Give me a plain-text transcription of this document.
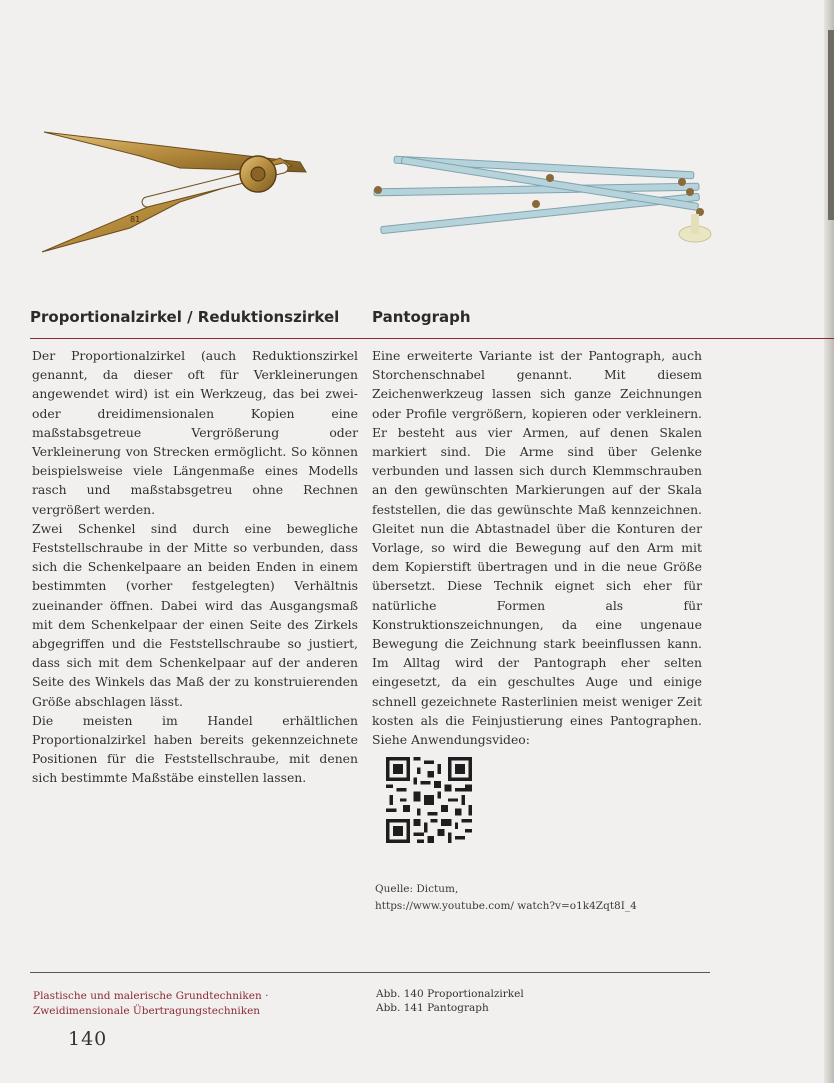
81
Proportionalzirkel / Reduktionszirkel Pantograph

Der Proportionalzirkel (auch Reduktionszirkel genannt, da dieser oft für Verkleinerungen angewendet wird) ist ein Werkzeug, das bei zwei- oder dreidimensionalen Kopien eine maßstabsgetreue Vergrößerung oder Verkleinerung von Strecken ermöglicht. So können beispielsweise viele Längenmaße eines Modells rasch und maßstabsgetreu ohne Rechnen vergrößert werden.

Zwei Schenkel sind durch eine bewegliche Feststellschraube in der Mitte so verbunden, dass sich die Schenkelpaare an beiden Enden in einem bestimmten (vorher festgelegten) Verhältnis zueinander öffnen. Dabei wird das Ausgangsmaß mit dem Schenkelpaar der einen Seite des Zirkels abgegriffen und die Feststellschraube so justiert, dass sich mit dem Schenkelpaar auf der anderen Seite des Winkels das Maß der zu konstruierenden Größe abschlagen lässt.

Die meisten im Handel erhältlichen Proportionalzirkel haben bereits gekennzeichnete Positionen für die Feststellschraube, mit denen sich bestimmte Maßstäbe einstellen lassen.

Eine erweiterte Variante ist der Pantograph, auch Storchenschnabel genannt. Mit diesem Zeichenwerkzeug lassen sich ganze Zeichnungen oder Profile vergrößern, kopieren oder verkleinern. Er besteht aus vier Armen, auf denen Skalen markiert sind. Die Arme sind über Gelenke verbunden und lassen sich durch Klemmschrauben an den gewünschten Markierungen auf der Skala feststellen, die das gewünschte Maß kennzeichnen. Gleitet nun die Abtastnadel über die Konturen der Vorlage, so wird die Bewegung auf den Arm mit dem Kopierstift übertragen und in die neue Größe übersetzt. Diese Technik eignet sich eher für natürliche Formen als für Konstruktionszeichnungen, da eine ungenaue Bewegung die Zeichnung stark beeinflussen kann. Im Alltag wird der Pantograph eher selten eingesetzt, da ein geschultes Auge und einige schnell gezeichnete Rasterlinien meist weniger Zeit kosten als die Feinjustierung eines Pantographen. Siehe Anwendungsvideo:

Quelle: Dictum,
https://www.youtube.com/ watch?v=o1k4Zqt8I_4
Plastische und malerische Grundtechniken ·
Zweidimensionale Übertragungstechniken
Abb. 140 Proportionalzirkel
Abb. 141 Pantograph
140
